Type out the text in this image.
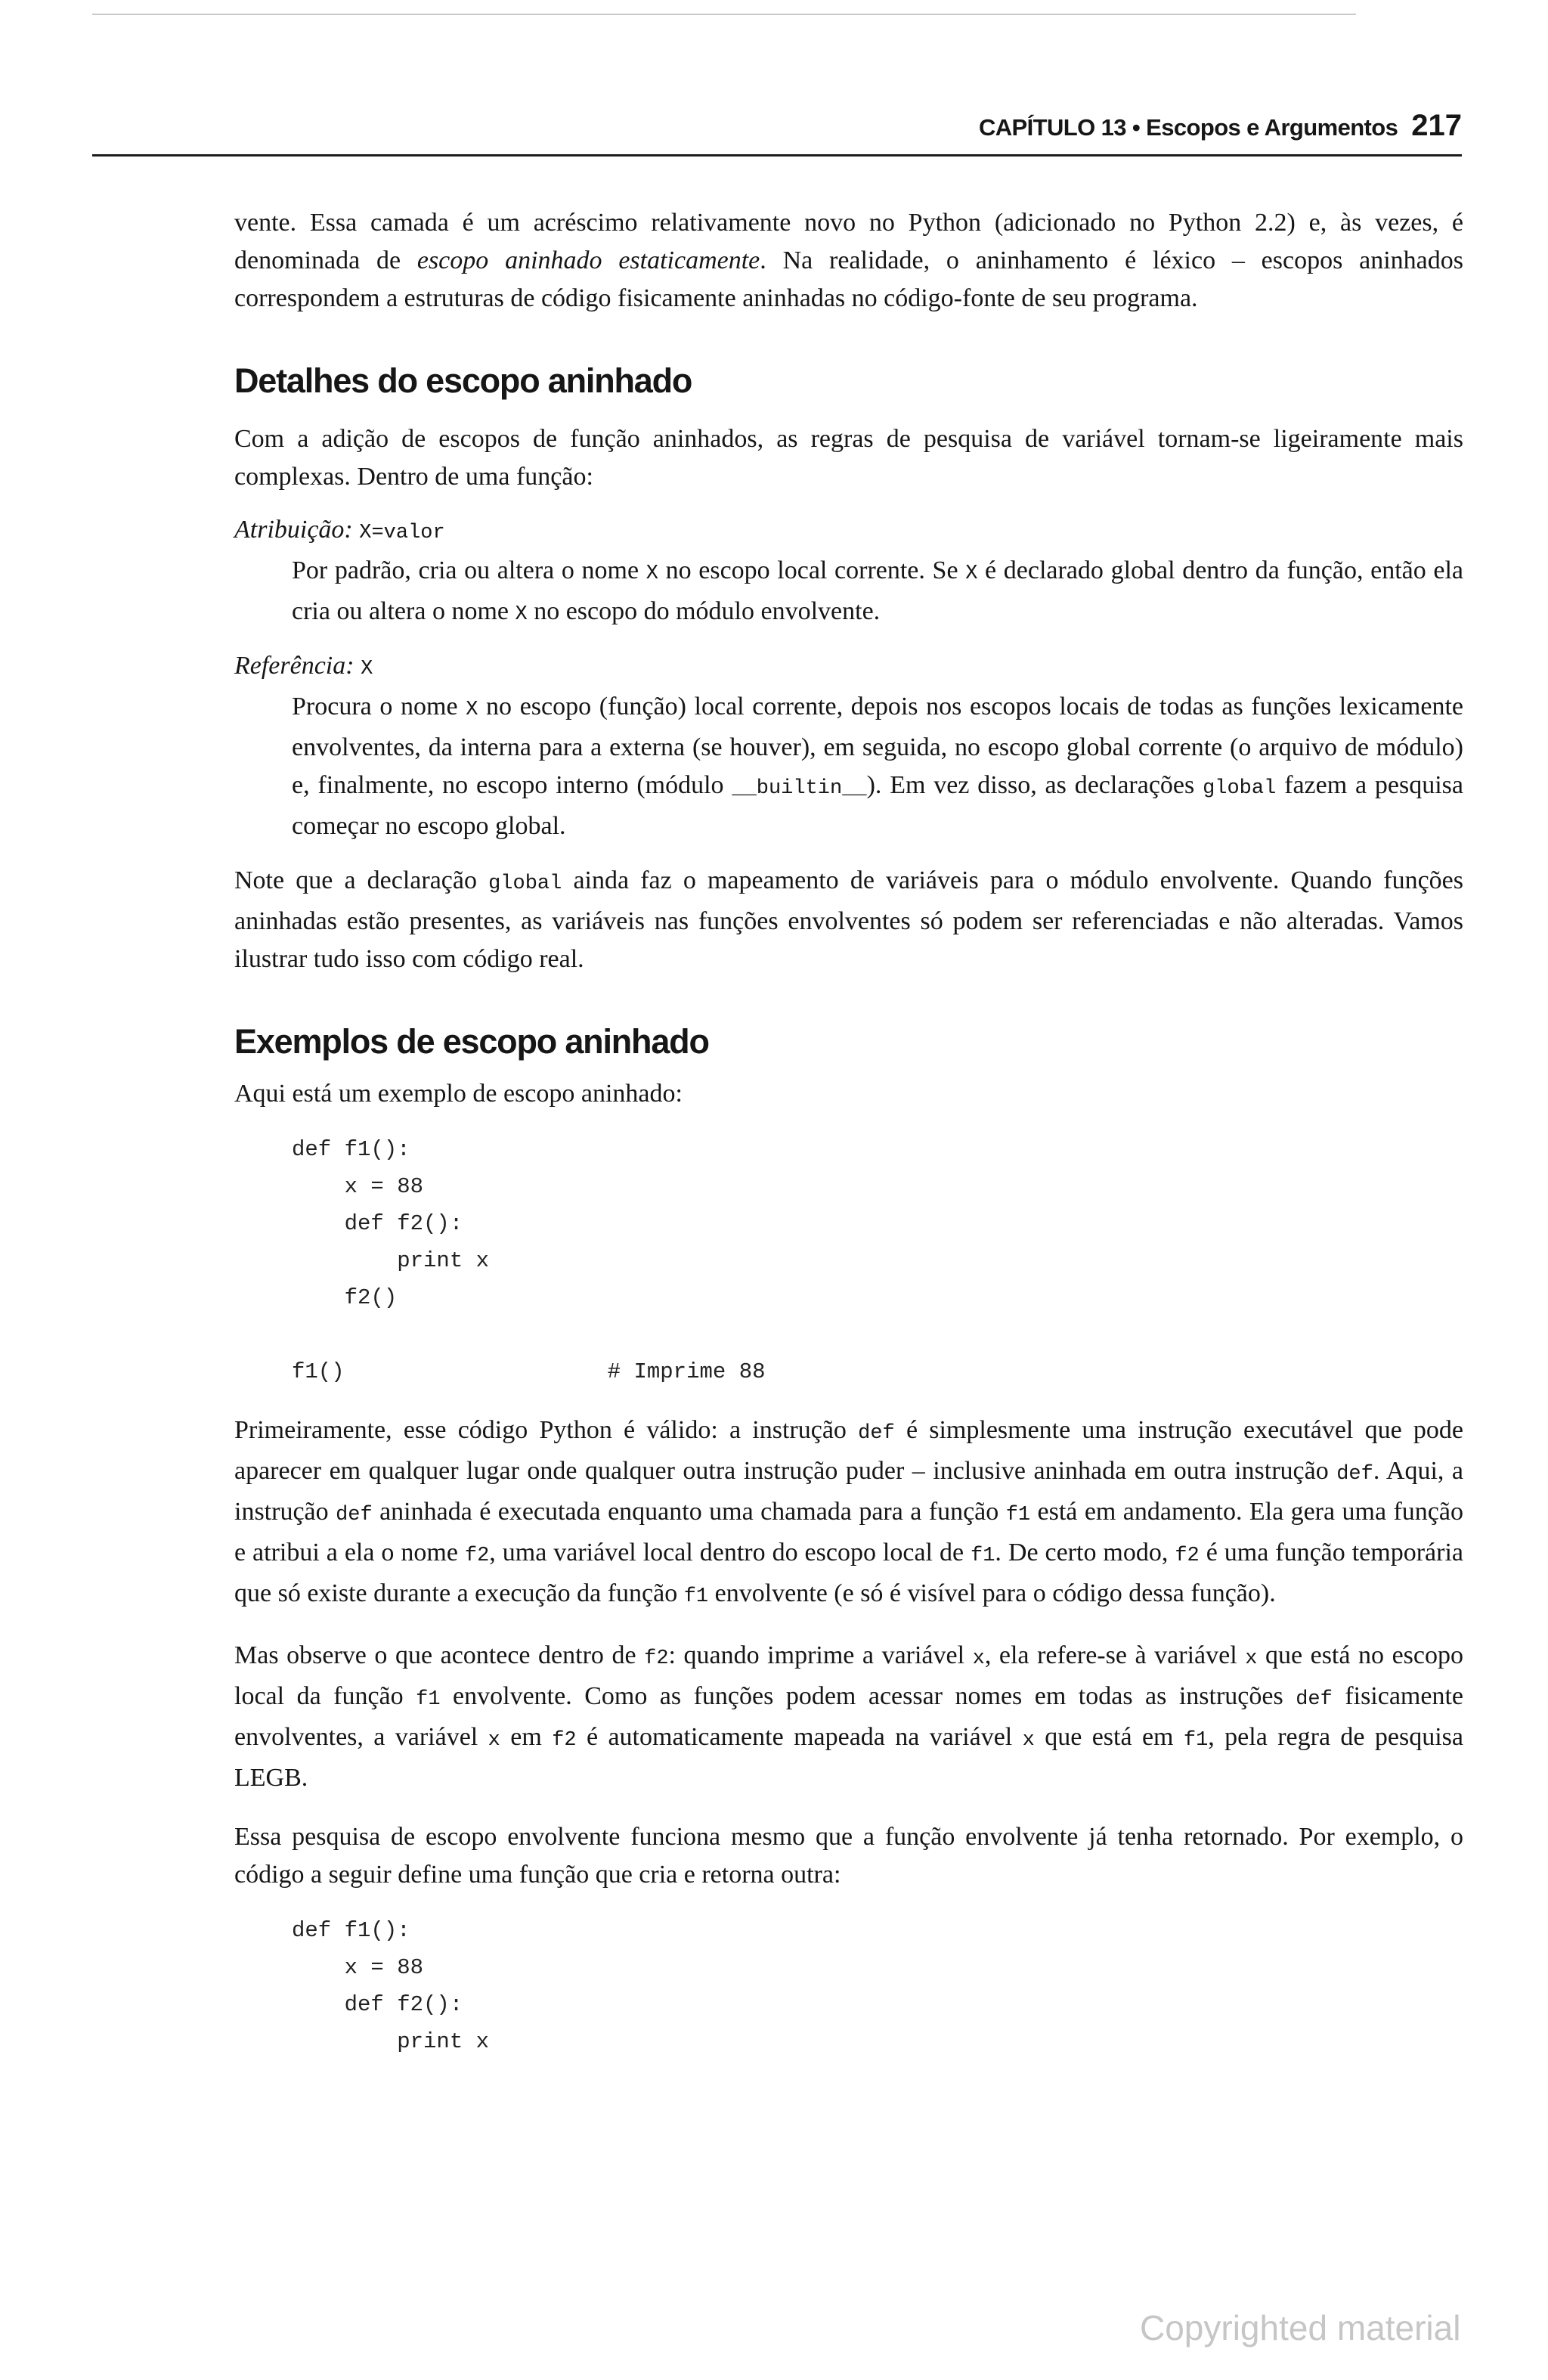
CAPÍTULO 13 • Escopos e Argumentos 217

vente. Essa camada é um acréscimo relativamente novo no Python (adicionado no Python 2.2) e, às vezes, é denominada de escopo aninhado estaticamente. Na realidade, o aninhamento é léxico – escopos aninhados correspondem a estruturas de código fisicamente aninhadas no código-fonte de seu programa.

Detalhes do escopo aninhado

Com a adição de escopos de função aninhados, as regras de pesquisa de variável tornam-se ligeiramente mais complexas. Dentro de uma função:

Atribuição: X=valor

Por padrão, cria ou altera o nome X no escopo local corrente. Se X é declarado global dentro da função, então ela cria ou altera o nome X no escopo do módulo envolvente.

Referência: X

Procura o nome X no escopo (função) local corrente, depois nos escopos locais de todas as funções lexicamente envolventes, da interna para a externa (se houver), em seguida, no escopo global corrente (o arquivo de módulo) e, finalmente, no escopo interno (módulo __builtin__). Em vez disso, as declarações global fazem a pesquisa começar no escopo global.

Note que a declaração global ainda faz o mapeamento de variáveis para o módulo envolvente. Quando funções aninhadas estão presentes, as variáveis nas funções envolventes só podem ser referenciadas e não alteradas. Vamos ilustrar tudo isso com código real.

Exemplos de escopo aninhado

Aqui está um exemplo de escopo aninhado:

def f1():
x = 88
def f2():
print x
f2()

f1()                    # Imprime 88

Primeiramente, esse código Python é válido: a instrução def é simplesmente uma instrução executável que pode aparecer em qualquer lugar onde qualquer outra instrução puder – inclusive aninhada em outra instrução def. Aqui, a instrução def aninhada é executada enquanto uma chamada para a função f1 está em andamento. Ela gera uma função e atribui a ela o nome f2, uma variável local dentro do escopo local de f1. De certo modo, f2 é uma função temporária que só existe durante a execução da função f1 envolvente (e só é visível para o código dessa função).

Mas observe o que acontece dentro de f2: quando imprime a variável x, ela refere-se à variável x que está no escopo local da função f1 envolvente. Como as funções podem acessar nomes em todas as instruções def fisicamente envolventes, a variável x em f2 é automaticamente mapeada na variável x que está em f1, pela regra de pesquisa LEGB.

Essa pesquisa de escopo envolvente funciona mesmo que a função envolvente já tenha retornado. Por exemplo, o código a seguir define uma função que cria e retorna outra:

def f1():
x = 88
def f2():
print x
Copyrighted material
